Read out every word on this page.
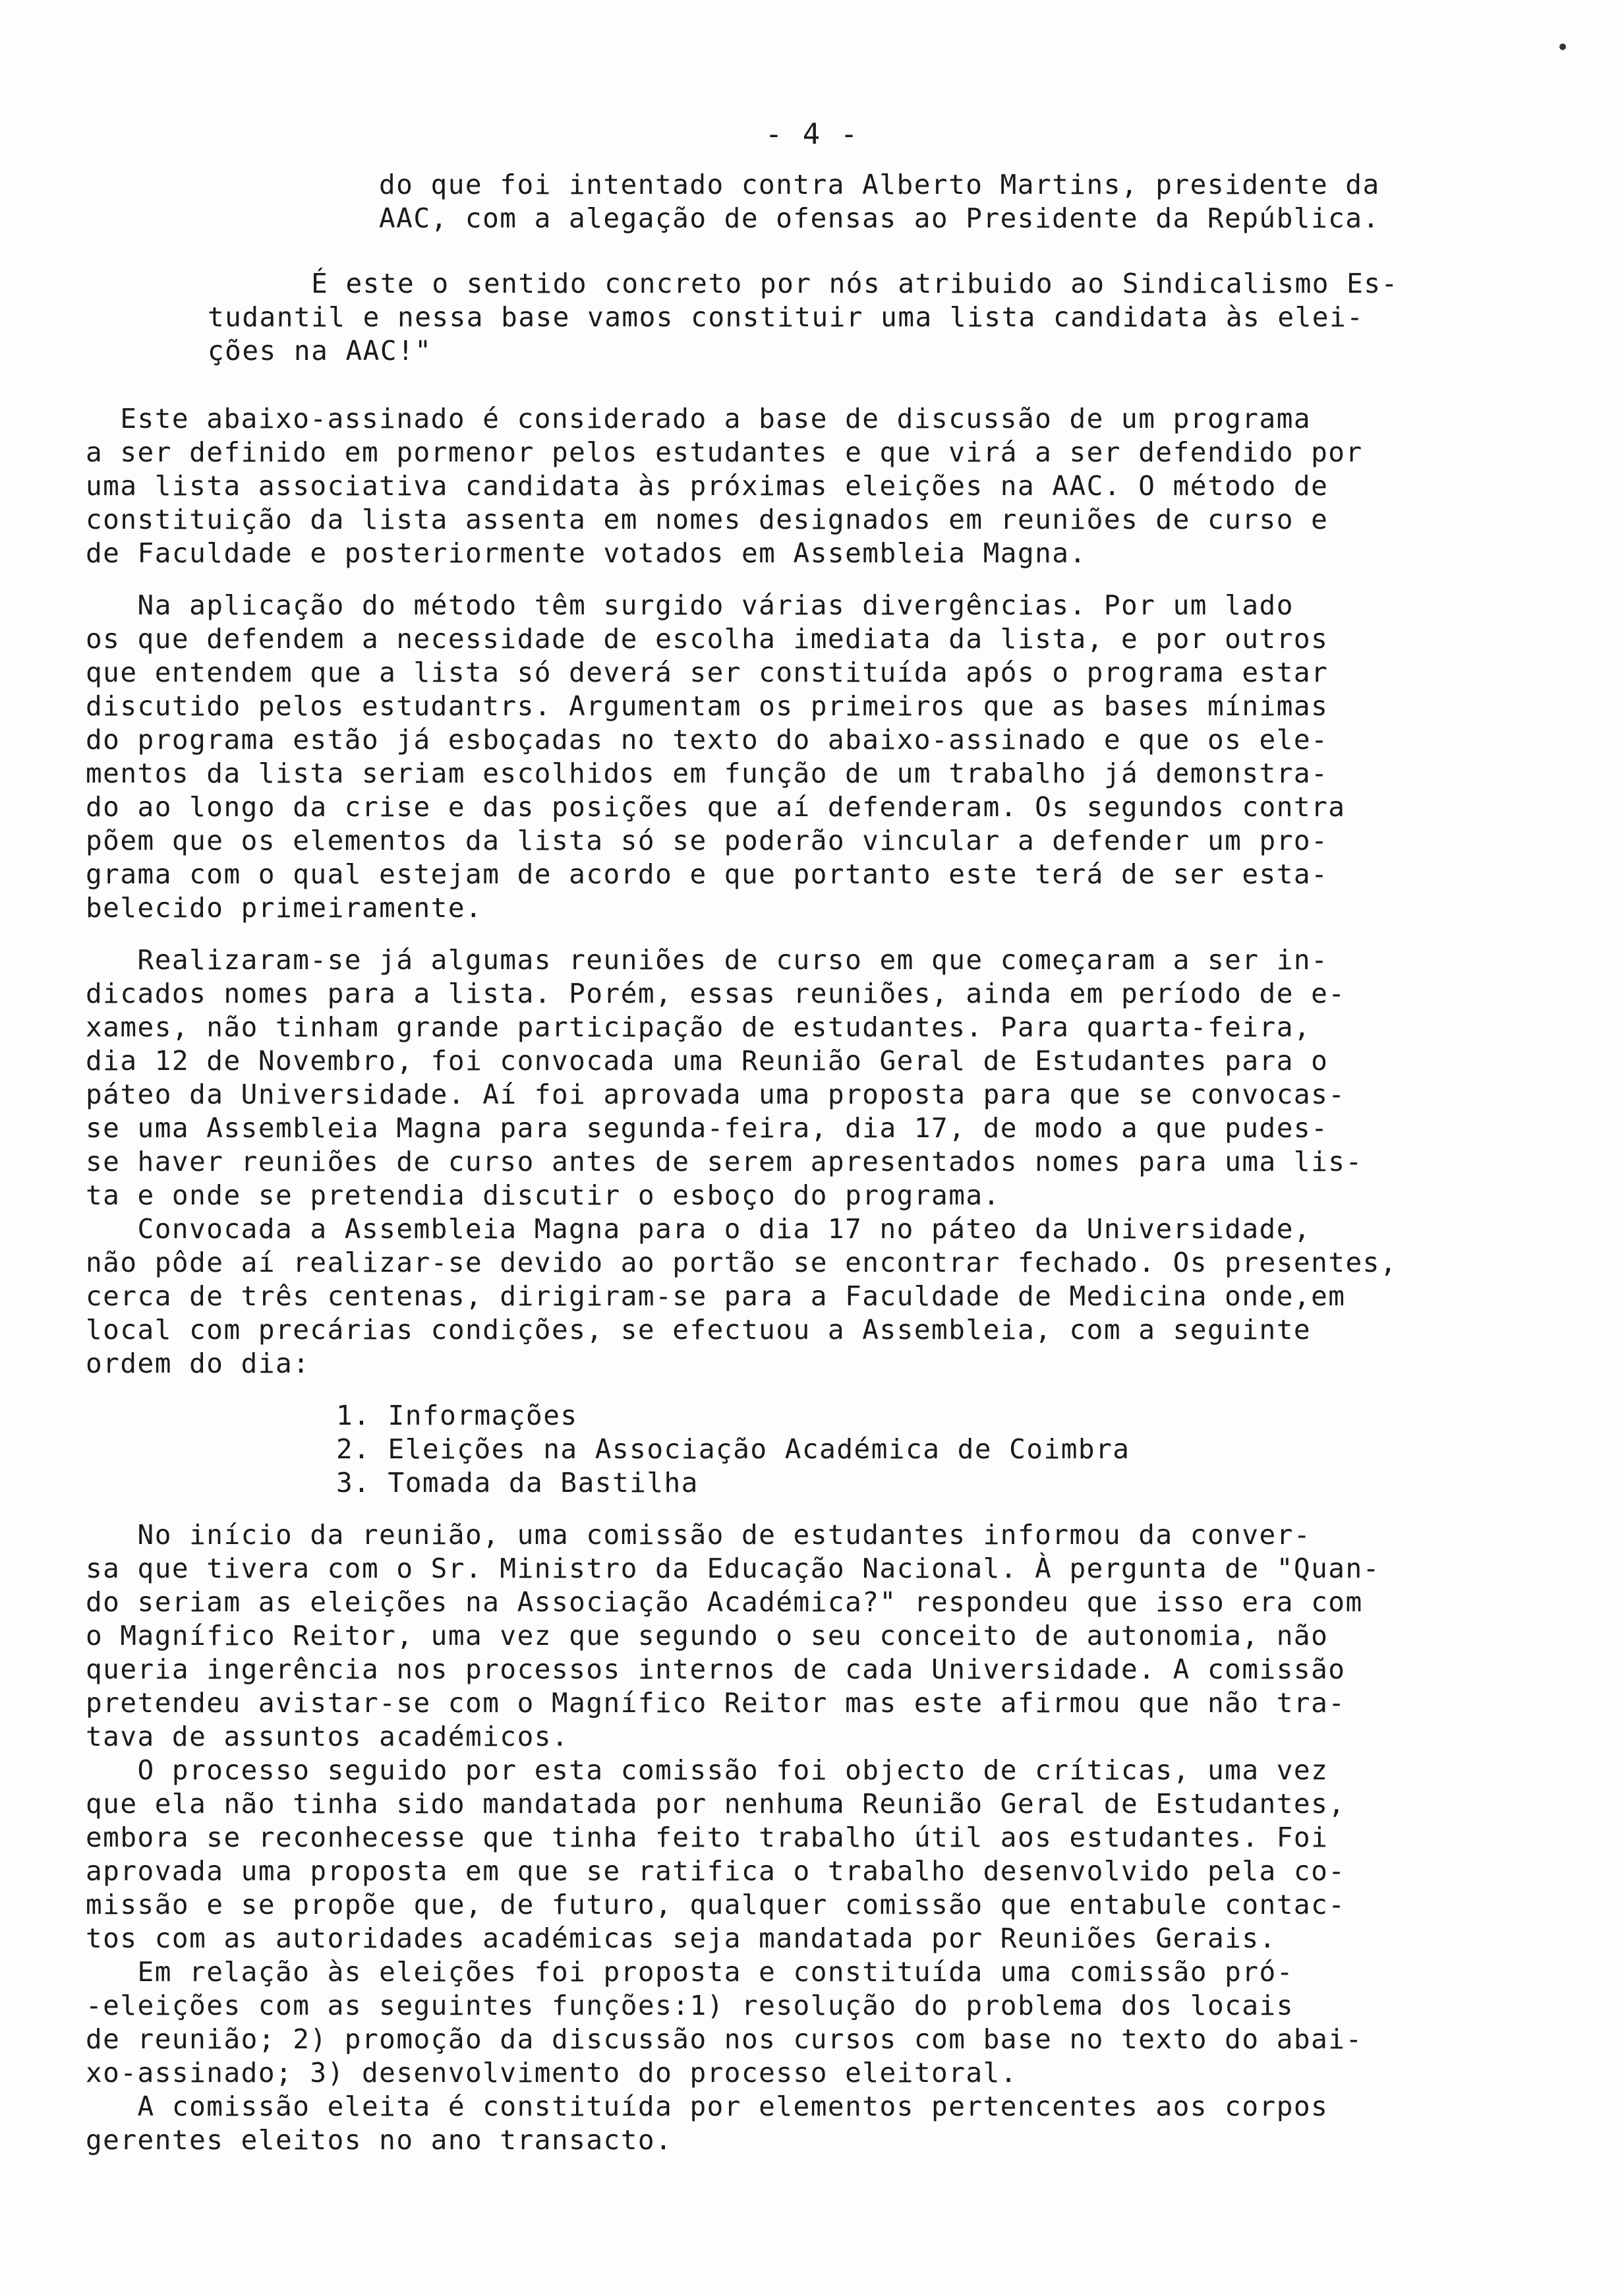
- 4 -
do que foi intentado contra Alberto Martins, presidente da
AAC, com a alegação de ofensas ao Presidente da República.
É este o sentido concreto por nós atribuido ao Sindicalismo Es-
tudantil e nessa base vamos constituir uma lista candidata às elei-
ções na AAC!"
Este abaixo-assinado é considerado a base de discussão de um programa
a ser definido em pormenor pelos estudantes e que virá a ser defendido por
uma lista associativa candidata às próximas eleições na AAC. O método de
constituição da lista assenta em nomes designados em reuniões de curso e
de Faculdade e posteriormente votados em Assembleia Magna.
Na aplicação do método têm surgido várias divergências. Por um lado
os que defendem a necessidade de escolha imediata da lista, e por outros
que entendem que a lista só deverá ser constituída após o programa estar
discutido pelos estudantrs. Argumentam os primeiros que as bases mínimas
do programa estão já esboçadas no texto do abaixo-assinado e que os ele-
mentos da lista seriam escolhidos em função de um trabalho já demonstra-
do ao longo da crise e das posições que aí defenderam. Os segundos contra
põem que os elementos da lista só se poderão vincular a defender um pro-
grama com o qual estejam de acordo e que portanto este terá de ser esta-
belecido primeiramente.
Realizaram-se já algumas reuniões de curso em que começaram a ser in-
dicados nomes para a lista. Porém, essas reuniões, ainda em período de e-
xames, não tinham grande participação de estudantes. Para quarta-feira,
dia 12 de Novembro, foi convocada uma Reunião Geral de Estudantes para o
páteo da Universidade. Aí foi aprovada uma proposta para que se convocas-
se uma Assembleia Magna para segunda-feira, dia 17, de modo a que pudes-
se haver reuniões de curso antes de serem apresentados nomes para uma lis-
ta e onde se pretendia discutir o esboço do programa.
Convocada a Assembleia Magna para o dia 17 no páteo da Universidade,
não pôde aí realizar-se devido ao portão se encontrar fechado. Os presentes,
cerca de três centenas, dirigiram-se para a Faculdade de Medicina onde,em
local com precárias condições, se efectuou a Assembleia, com a seguinte
ordem do dia:
1. Informações
2. Eleições na Associação Académica de Coimbra
3. Tomada da Bastilha
No início da reunião, uma comissão de estudantes informou da conver-
sa que tivera com o Sr. Ministro da Educação Nacional. À pergunta de "Quan-
do seriam as eleições na Associação Académica?" respondeu que isso era com
o Magnífico Reitor, uma vez que segundo o seu conceito de autonomia, não
queria ingerência nos processos internos de cada Universidade. A comissão
pretendeu avistar-se com o Magnífico Reitor mas este afirmou que não tra-
tava de assuntos académicos.
O processo seguido por esta comissão foi objecto de críticas, uma vez
que ela não tinha sido mandatada por nenhuma Reunião Geral de Estudantes,
embora se reconhecesse que tinha feito trabalho útil aos estudantes. Foi
aprovada uma proposta em que se ratifica o trabalho desenvolvido pela co-
missão e se propõe que, de futuro, qualquer comissão que entabule contac-
tos com as autoridades académicas seja mandatada por Reuniões Gerais.
Em relação às eleições foi proposta e constituída uma comissão pró-
-eleições com as seguintes funções:1) resolução do problema dos locais
de reunião; 2) promoção da discussão nos cursos com base no texto do abai-
xo-assinado; 3) desenvolvimento do processo eleitoral.
A comissão eleita é constituída por elementos pertencentes aos corpos
gerentes eleitos no ano transacto.
